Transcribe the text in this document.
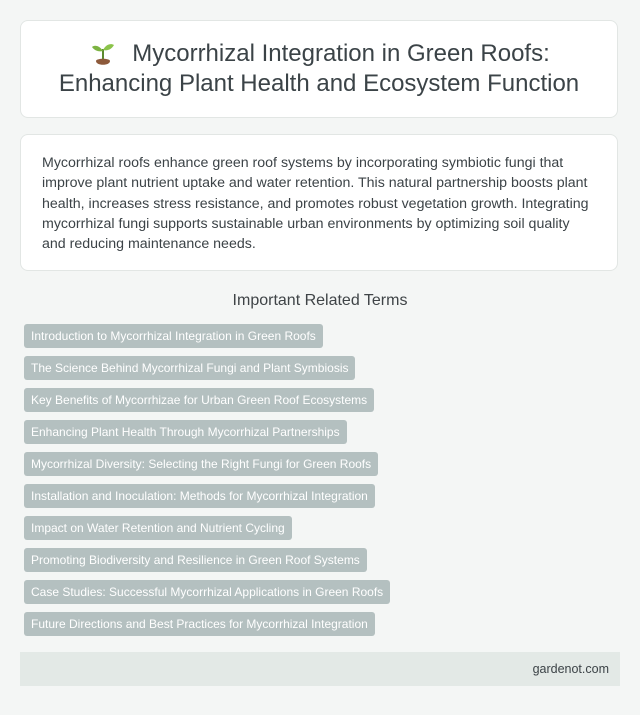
Mycorrhizal Integration in Green Roofs:
Enhancing Plant Health and Ecosystem Function

Mycorrhizal roofs enhance green roof systems by incorporating symbiotic fungi that improve plant nutrient uptake and water retention. This natural partnership boosts plant health, increases stress resistance, and promotes robust vegetation growth. Integrating mycorrhizal fungi supports sustainable urban environments by optimizing soil quality and reducing maintenance needs.

Important Related Terms
Introduction to Mycorrhizal Integration in Green Roofs
The Science Behind Mycorrhizal Fungi and Plant Symbiosis
Key Benefits of Mycorrhizae for Urban Green Roof Ecosystems
Enhancing Plant Health Through Mycorrhizal Partnerships
Mycorrhizal Diversity: Selecting the Right Fungi for Green Roofs
Installation and Inoculation: Methods for Mycorrhizal Integration
Impact on Water Retention and Nutrient Cycling
Promoting Biodiversity and Resilience in Green Roof Systems
Case Studies: Successful Mycorrhizal Applications in Green Roofs
Future Directions and Best Practices for Mycorrhizal Integration
gardenot.com
